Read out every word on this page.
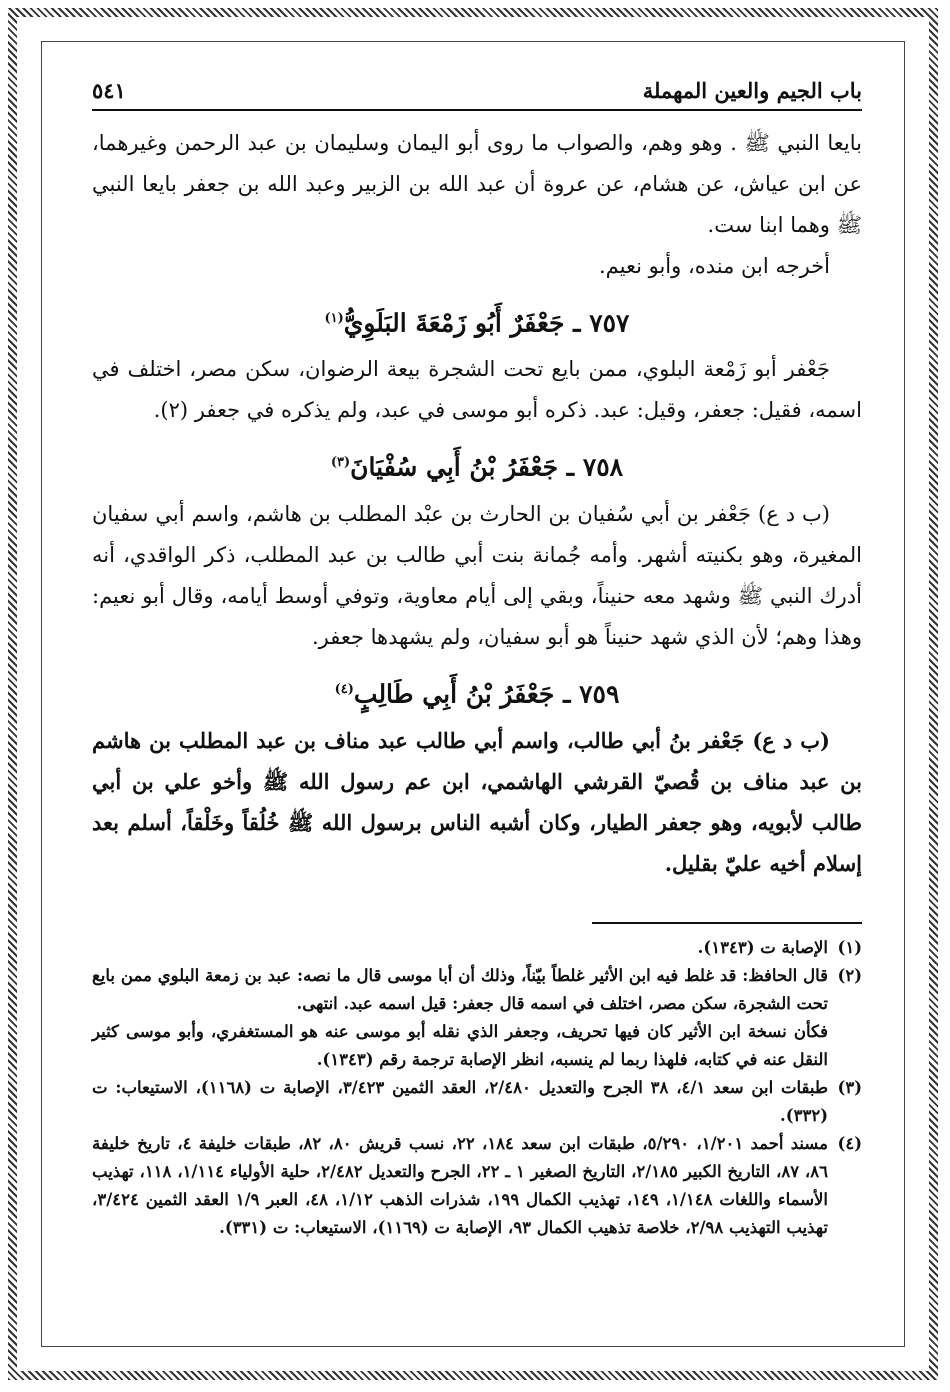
باب الجيم والعين المهملة
٥٤١

بايعا النبي ﷺ . وهو وهم، والصواب ما روى أبو اليمان وسليمان بن عبد الرحمن وغيرهما، عن ابن عياش، عن هشام، عن عروة أن عبد الله بن الزبير وعبد الله بن جعفر بايعا النبي ﷺ وهما ابنا ست.

أخرجه ابن منده، وأبو نعيم.

٧٥٧ ـ جَعْفَرٌ أَبُو زَمْعَةَ البَلَوِيُّ$^{(١)}$

جَعْفر أبو زَمْعة البلوي، ممن بايع تحت الشجرة بيعة الرضوان، سكن مصر، اختلف في اسمه، فقيل: جعفر، وقيل: عبد. ذكره أبو موسى في عبد، ولم يذكره في جعفر (٢).

٧٥٨ ـ جَعْفَرُ بْنُ أَبِي سُفْيَانَ$^{(٣)}$

(ب د ع) جَعْفر بن أبي سُفيان بن الحارث بن عبْد المطلب بن هاشم، واسم أبي سفيان المغيرة، وهو بكنيته أشهر. وأمه جُمانة بنت أبي طالب بن عبد المطلب، ذكر الواقدي، أنه أدرك النبي ﷺ وشهد معه حنيناً، وبقي إلى أيام معاوية، وتوفي أوسط أيامه، وقال أبو نعيم: وهذا وهم؛ لأن الذي شهد حنيناً هو أبو سفيان، ولم يشهدها جعفر.

٧٥٩ ـ جَعْفَرُ بْنُ أَبِي طَالِبٍ$^{(٤)}$

(ب د ع) جَعْفر بنُ أبي طالب، واسم أبي طالب عبد مناف بن عبد المطلب بن هاشم بن عبد مناف بن قُصيّ القرشي الهاشمي، ابن عم رسول الله ﷺ وأخو علي بن أبي طالب لأبويه، وهو جعفر الطيار، وكان أشبه الناس برسول الله ﷺ خُلُقاً وخَلْقاً، أسلم بعد إسلام أخيه عليّ بقليل.

(١)
الإصابة ت (١٣٤٣).
(٢)
قال الحافظ: قد غلط فيه ابن الأثير غلطاً بيّناً، وذلك أن أبا موسى قال ما نصه: عبد بن زمعة البلوي ممن بايع تحت الشجرة، سكن مصر، اختلف في اسمه قال جعفر: قيل اسمه عبد. انتهى.

فكأن نسخة ابن الأثير كان فيها تحريف، وجعفر الذي نقله أبو موسى عنه هو المستغفري، وأبو موسى كثير النقل عنه في كتابه، فلهذا ربما لم ينسبه، انظر الإصابة ترجمة رقم (١٣٤٣).

(٣)
طبقات ابن سعد ٤/١، ٣٨ الجرح والتعديل ٢/٤٨٠، العقد الثمين ٣/٤٢٣، الإصابة ت (١١٦٨)، الاستيعاب: ت (٣٣٢).
(٤)
مسند أحمد ١/٢٠١، ٥/٢٩٠، طبقات ابن سعد ١٨٤، ٢٢، نسب قريش ٨٠، ٨٢، طبقات خليفة ٤، تاريخ خليفة ٨٦، ٨٧، التاريخ الكبير ٢/١٨٥، التاريخ الصغير ١ ـ ٢٢، الجرح والتعديل ٢/٤٨٢، حلية الأولياء ١/١١٤، ١١٨، تهذيب الأسماء واللغات ١/١٤٨، ١٤٩، تهذيب الكمال ١٩٩، شذرات الذهب ١/١٢، ٤٨، العبر ١/٩ العقد الثمين ٣/٤٢٤، تهذيب التهذيب ٢/٩٨، خلاصة تذهيب الكمال ٩٣، الإصابة ت (١١٦٩)، الاستيعاب: ت (٣٣١).
